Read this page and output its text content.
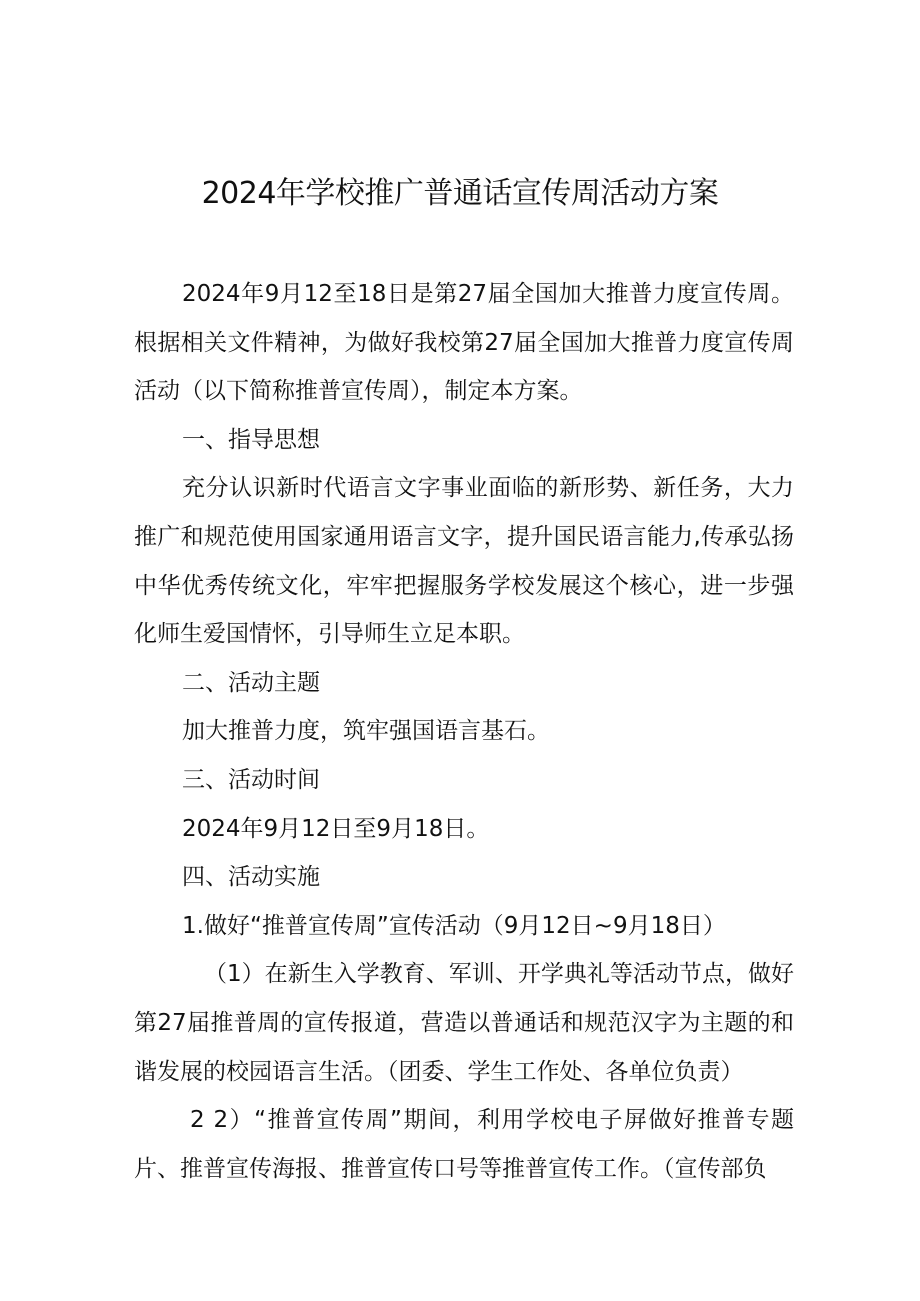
2024年学校推广普通话宣传周活动方案

2024年9月12至18日是第27届全国加大推普力度宣传周。根据相关文件精神，为做好我校第27届全国加大推普力度宣传周活动（以下简称推普宣传周），制定本方案。

一、指导思想

充分认识新时代语言文字事业面临的新形势、新任务，大力推广和规范使用国家通用语言文字，提升国民语言能力,传承弘扬中华优秀传统文化，牢牢把握服务学校发展这个核心，进一步强化师生爱国情怀，引导师生立足本职。

二、活动主题

加大推普力度，筑牢强国语言基石。

三、活动时间

2024年9月12日至9月18日。

四、活动实施

1.做好“推普宣传周”宣传活动（9月12日~9月18日）

（1）在新生入学教育、军训、开学典礼等活动节点，做好第27届推普周的宣传报道，营造以普通话和规范汉字为主题的和谐发展的校园语言生活。（团委、学生工作处、各单位负责）

2 2）“推普宣传周”期间，利用学校电子屏做好推普专题片、推普宣传海报、推普宣传口号等推普宣传工作。（宣传部负
